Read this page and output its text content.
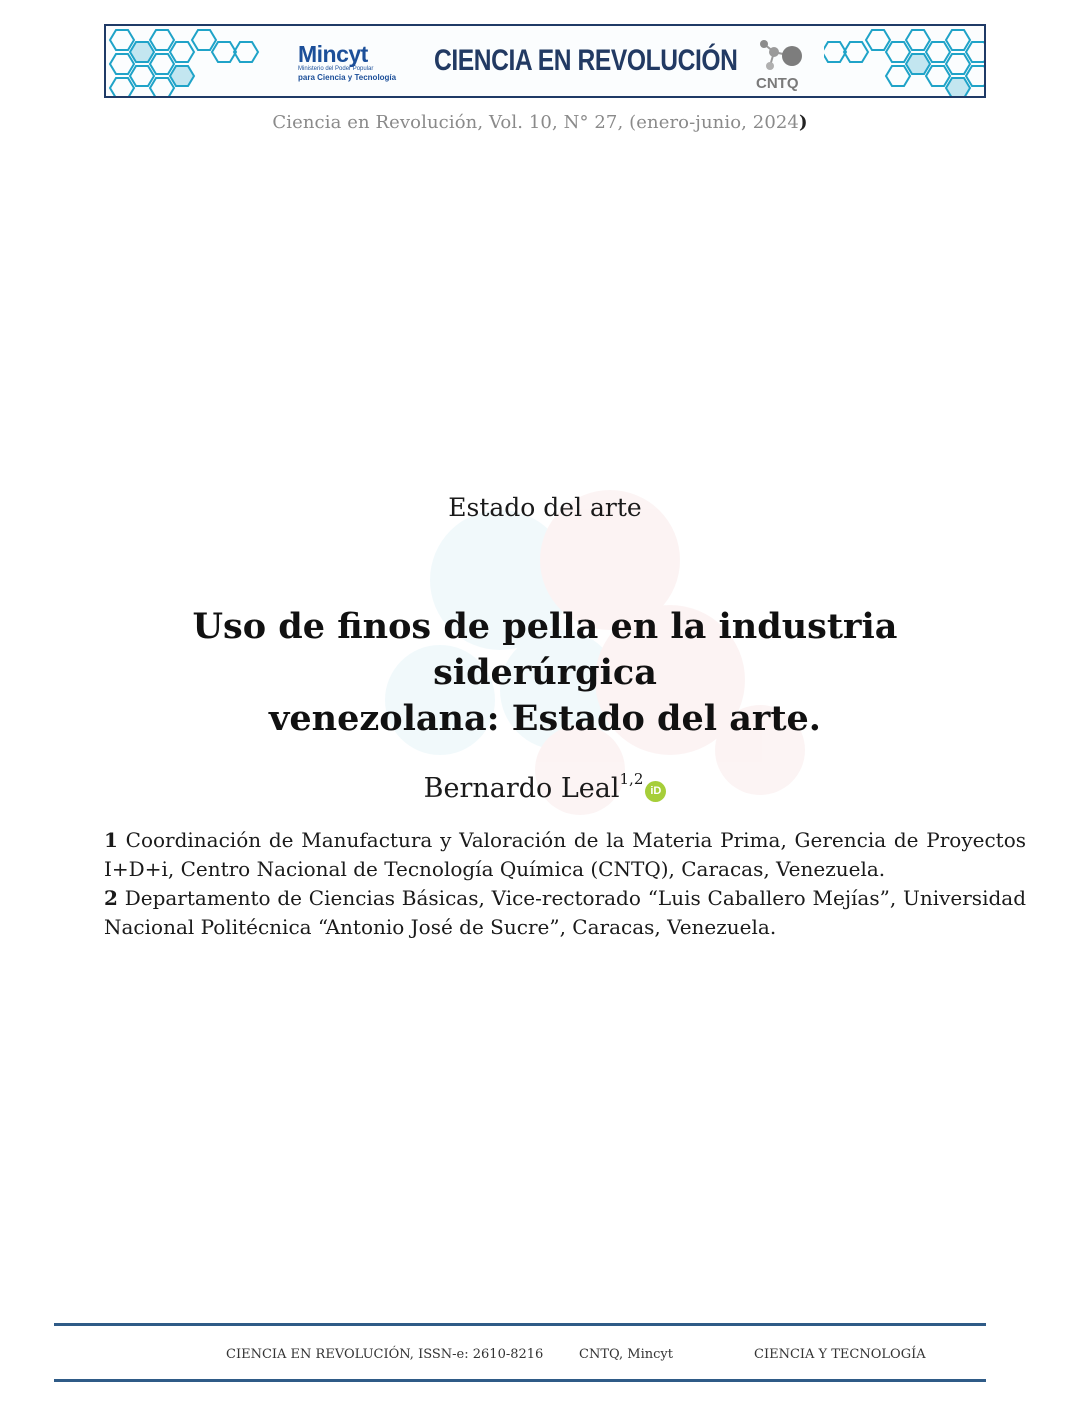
Mincyt
Ministerio del Poder Popular
para Ciencia y Tecnología
CIENCIA EN REVOLUCIÓN
CNTQ
Ciencia en Revolución, Vol. 10, N° 27, (enero-junio, 2024)
Estado del arte
Uso de finos de pella en la industria siderúrgica
venezolana: Estado del arte.
Bernardo Leal$^{1,2}$iD

1 Coordinación de Manufactura y Valoración de la Materia Prima, Gerencia de Proyectos I+D+i, Centro Nacional de Tecnología Química (CNTQ), Caracas, Venezuela.

2 Departamento de Ciencias Básicas, Vice-rectorado “Luis Caballero Mejías”, Universidad Nacional Politécnica “Antonio José de Sucre”, Caracas, Venezuela.

CIENCIA EN REVOLUCIÓN, ISSN-e: 2610-8216	CNTQ, Mincyt	CIENCIA Y TECNOLOGÍA
